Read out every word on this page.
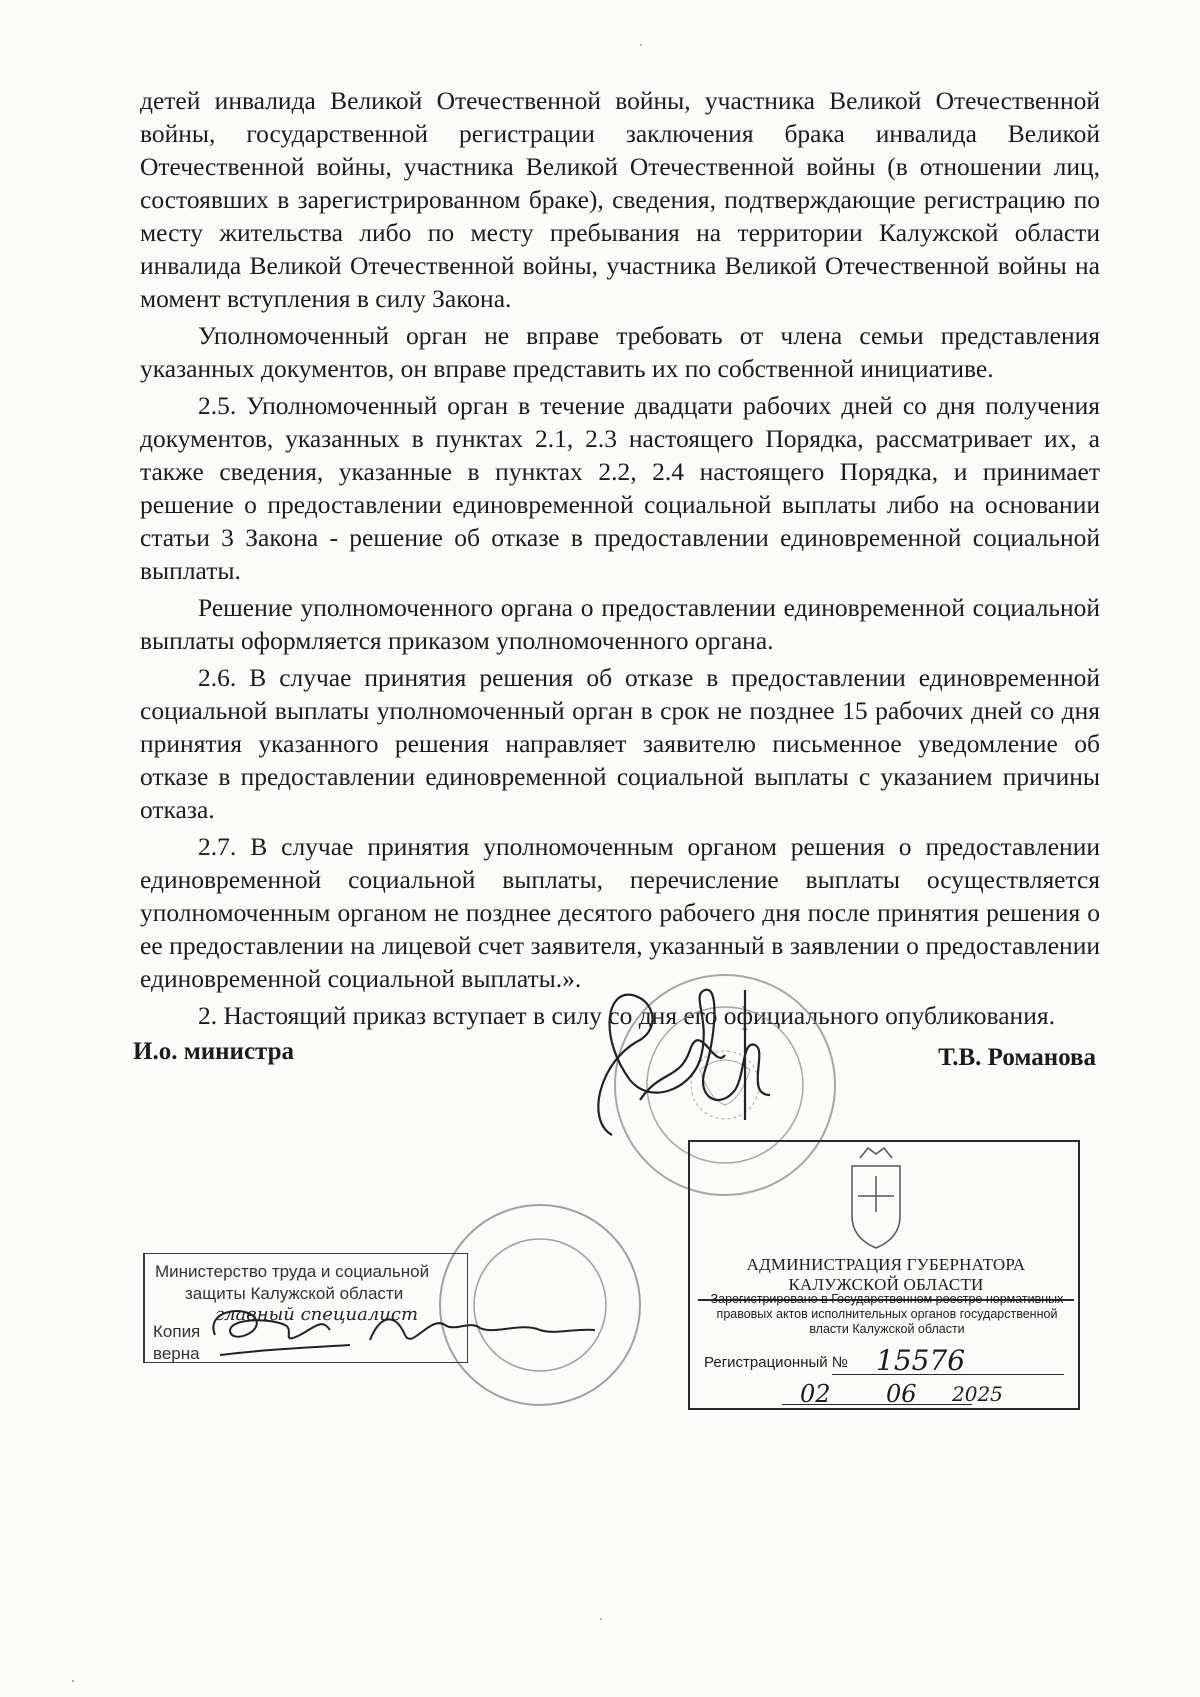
детей инвалида Великой Отечественной войны, участника Великой Отечественной войны, государственной регистрации заключения брака инвалида Великой Отечественной войны, участника Великой Отечественной войны (в отношении лиц, состоявших в зарегистрированном браке), сведения, подтверждающие регистрацию по месту жительства либо по месту пребывания на территории Калужской области инвалида Великой Отечественной войны, участника Великой Отечественной войны на момент вступления в силу Закона.

Уполномоченный орган не вправе требовать от члена семьи представления указанных документов, он вправе представить их по собственной инициативе.

2.5. Уполномоченный орган в течение двадцати рабочих дней со дня получения документов, указанных в пунктах 2.1, 2.3 настоящего Порядка, рассматривает их, а также сведения, указанные в пунктах 2.2, 2.4 настоящего Порядка, и принимает решение о предоставлении единовременной социальной выплаты либо на основании статьи 3 Закона - решение об отказе в предоставлении единовременной социальной выплаты.

Решение уполномоченного органа о предоставлении единовременной социальной выплаты оформляется приказом уполномоченного органа.

2.6. В случае принятия решения об отказе в предоставлении единовременной социальной выплаты уполномоченный орган в срок не позднее 15 рабочих дней со дня принятия указанного решения направляет заявителю письменное уведомление об отказе в предоставлении единовременной социальной выплаты с указанием причины отказа.

2.7. В случае принятия уполномоченным органом решения о предоставлении единовременной социальной выплаты, перечисление выплаты осуществляется уполномоченным органом не позднее десятого рабочего дня после принятия решения о ее предоставлении на лицевой счет заявителя, указанный в заявлении о предоставлении единовременной социальной выплаты.».

2. Настоящий приказ вступает в силу со дня его официального опубликования.

И.о. министра	Т.В. Романова
АДМИНИСТРАЦИЯ ГУБЕРНАТОРА КАЛУЖСКОЙ ОБЛАСТИ
Зарегистрировано в Государственном реестре нормативных правовых актов исполнительных органов государственной власти Калужской области
Регистрационный № 15576
02 06 2025
Министерство труда и социальной
защиты Калужской области
главный специалист
Копия
верна
